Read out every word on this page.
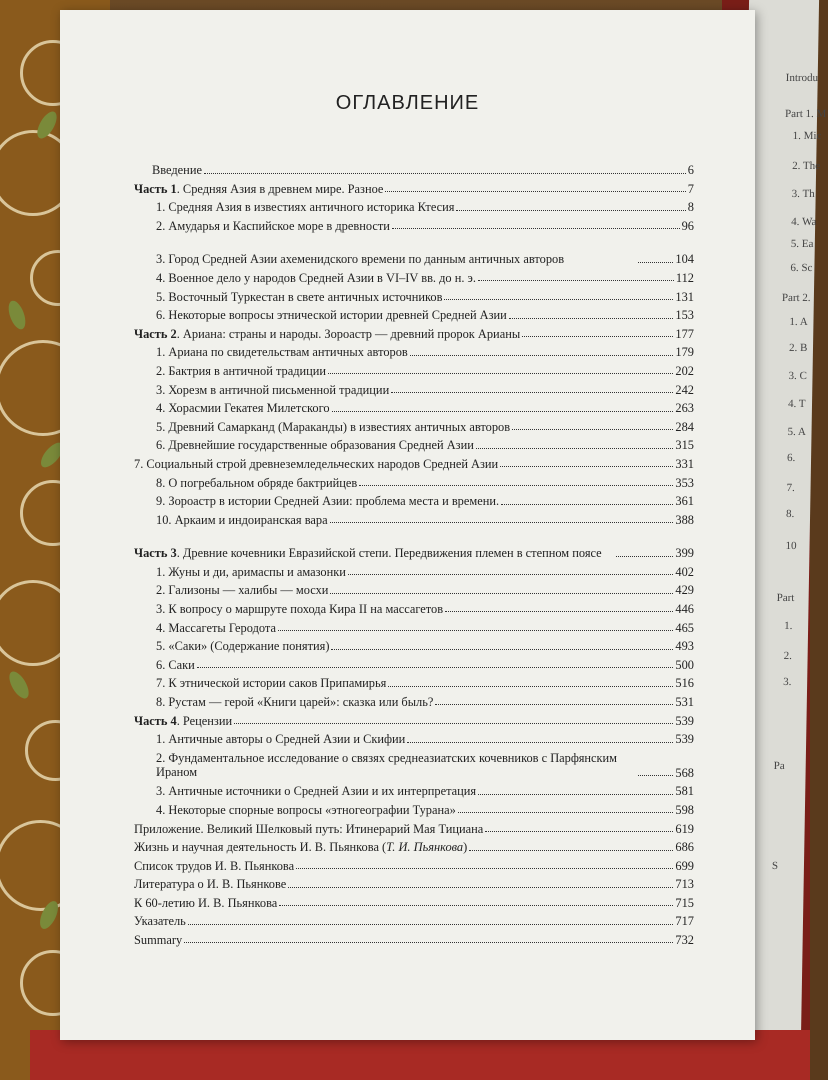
Introdu
Part 1. M
1. Mic
2. The
3. Th
4. Wa
5. Ea
6. Sc
Part 2.
1. A
2. B
3. C
4. T
5. A
6.
7.
8.
10
Part
1.
2.
3.
Pa
S
ОГЛАВЛЕНИЕ
Введение	6
Часть 1. Средняя Азия в древнем мире. Разное	7
1. Средняя Азия в известиях античного историка Ктесия	8
2. Амударья и Каспийское море в древности	96
3. Город Средней Азии ахеменидского времени по данным античных авторов	104
4. Военное дело у народов Средней Азии в VI–IV вв. до н. э.	112
5. Восточный Туркестан в свете античных источников	131
6. Некоторые вопросы этнической истории древней Средней Азии	153
Часть 2. Ариана: страны и народы. Зороастр — древний пророк Арианы	177
1. Ариана по свидетельствам античных авторов	179
2. Бактрия в античной традиции	202
3. Хорезм в античной письменной традиции	242
4. Хорасмии Гекатея Милетского	263
5. Древний Самарканд (Мараканды) в известиях античных авторов	284
6. Древнейшие государственные образования Средней Азии	315
7. Социальный строй древнеземледельческих народов Средней Азии	331
8. О погребальном обряде бактрийцев	353
9. Зороастр в истории Средней Азии: проблема места и времени.	361
10. Аркаим и индоиранская вара	388
Часть 3. Древние кочевники Евразийской степи. Передвижения племен в степном поясе	399
1. Жуны и ди, аримаспы и амазонки	402
2. Гализоны — халибы — мосхи	429
3. К вопросу о маршруте похода Кира II на массагетов	446
4. Массагеты Геродота	465
5. «Саки» (Содержание понятия)	493
6. Саки	500
7. К этнической истории саков Припамирья	516
8. Рустам — герой «Книги царей»: сказка или быль?	531
Часть 4. Рецензии	539
1. Античные авторы о Средней Азии и Скифии	539
2. Фундаментальное исследование о связях среднеазиатских кочевников с Парфянским Ираном	568
3. Античные источники о Средней Азии и их интерпретация	581
4. Некоторые спорные вопросы «этногеографии Турана»	598
Приложение. Великий Шелковый путь: Итинерарий Мая Тициана	619
Жизнь и научная деятельность И. В. Пьянкова (Т. И. Пьянкова)	686
Список трудов И. В. Пьянкова	699
Литература о И. В. Пьянкове	713
К 60-летию И. В. Пьянкова	715
Указатель	717
Summary	732
